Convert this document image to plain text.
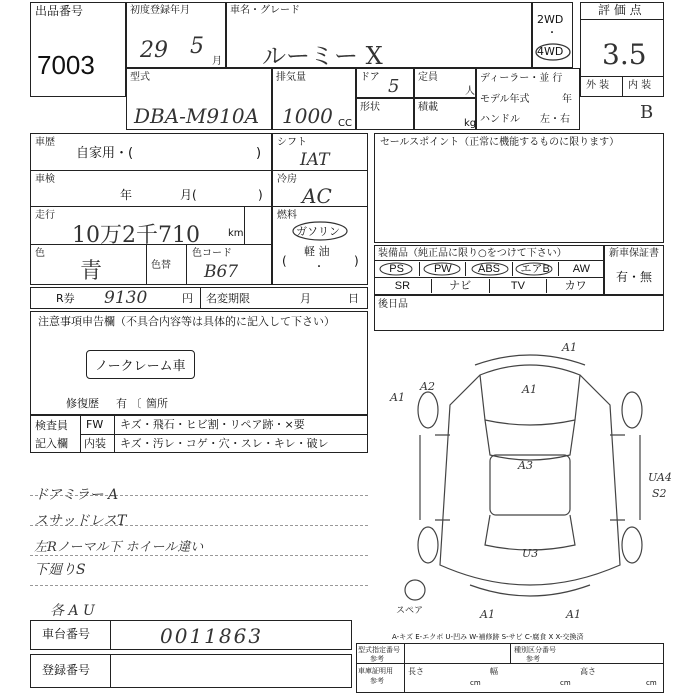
出品番号
7003
初度登録年月
29 5
月
車名・グレード
ルーミー X
2WD
・
4WD
評 価 点
3.5
外 装 内 装
B
型式
DBA-M910A
排気量
1000 CC
ドア 5 定員
人
形状	積載
kg
ディーラー・並 行
モデル年式	年
ハンドル 左・右
車歴
自家用・(	)
車検
年	月(	)
走行
10万2千710	km
色
青	色替
色コード
B67
シフト
IAT
冷房
AC
燃料
ガソリン
(
軽 油
・	)
セールスポイント（正常に機能するものに限ります）
装備品（純正品に限り○をつけて下さい）
PS	PW	ABS	エアB	AW
SR	ナビ	TV	カワ
新車保証書
有・無
後日品
R券 9130	円 名変期限	月	日
注意事項申告欄（不具合内容等は具体的に記入して下さい）
ノークレーム車
修復歴 有 〔 箇所
検査員
記入欄
FW キズ・飛石・ヒビ割・リペア跡・×要
内装 キズ・汚レ・コゲ・穴・スレ・キレ・破レ
ドアミラー A
スサッドレスT
左Rノーマル下 ホイール違い
下廻りS
各 A U
A1
A2	A1
A1
A3
U3
A1	A1
UA4
S2
スペア
車台番号	0011863
登録番号
A-キズ E-エクボ U-凹み W-補修跡 S-サビ C-腐食 X X-交換済
型式指定番号
参考
種別区分番号
参考
車庫証明用
参考
長さ
cm
幅
cm
高さ
cm
